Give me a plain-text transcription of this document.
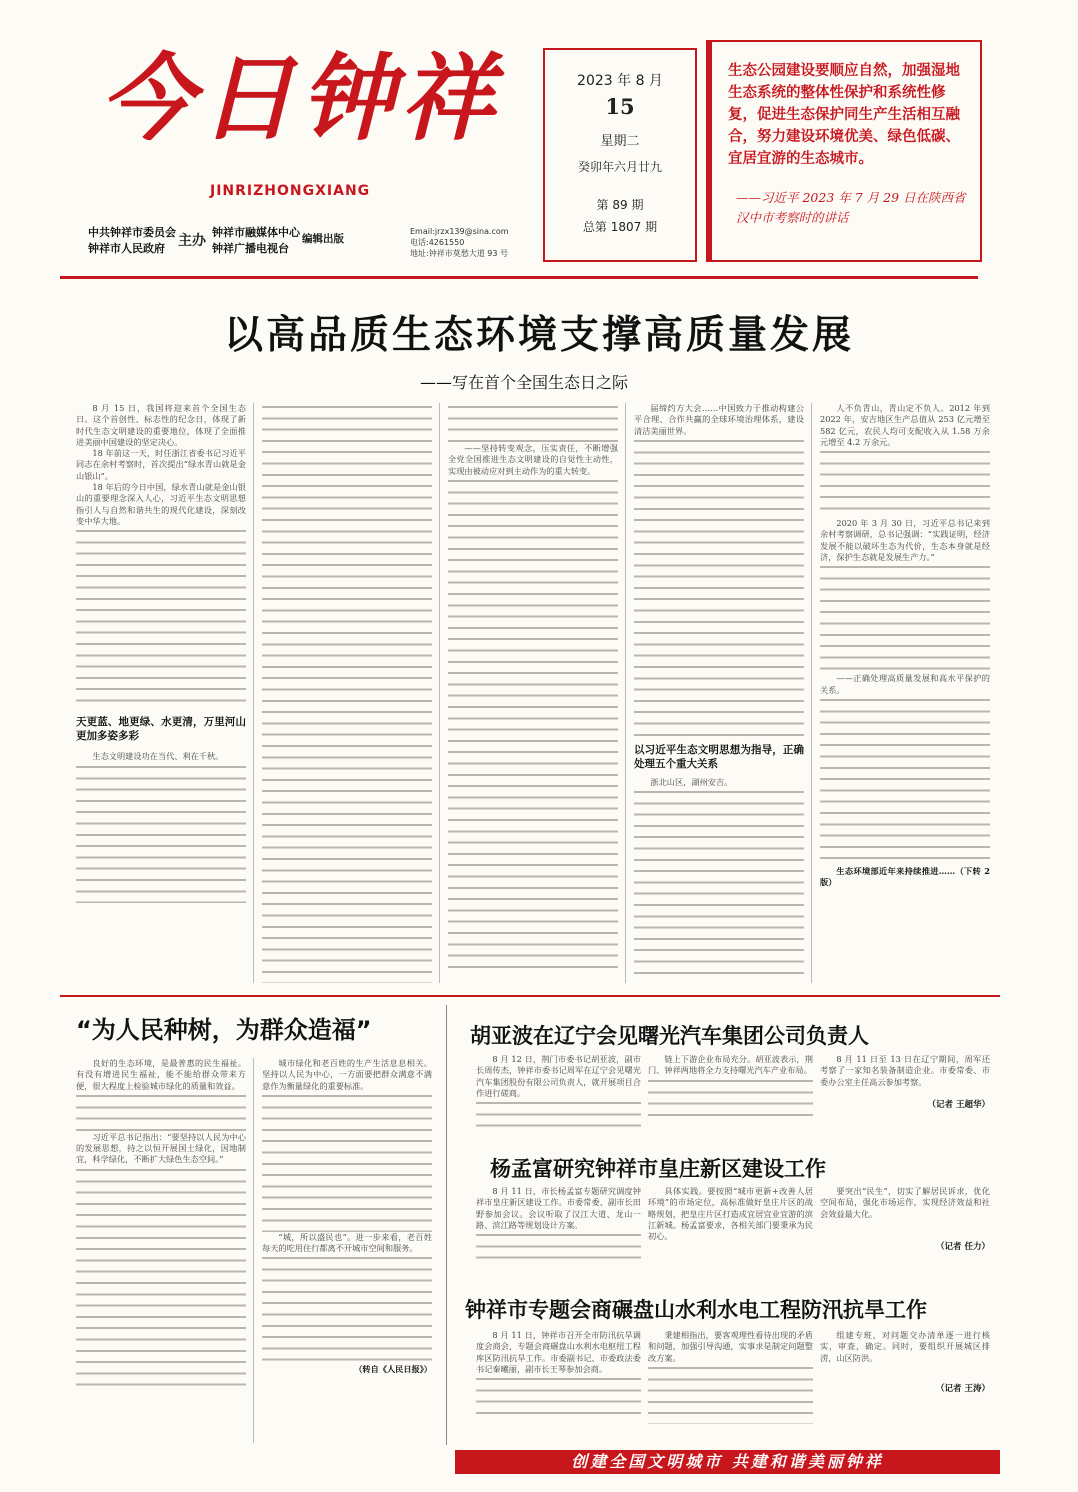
今日钟祥
JINRIZHONGXIANG
中共钟祥市委员会
钟祥市人民政府 主办
钟祥市融媒体中心
钟祥广播电视台
编辑出版
Email:jrzx139@sina.com
电话:4261550
地址:钟祥市莫愁大道 93 号
2023 年 8 月
15
星期二
癸卯年六月廿九
第 89 期
总第 1807 期
生态公园建设要顺应自然，加强湿地生态系统的整体性保护和系统性修复，促进生态保护同生产生活相互融合，努力建设环境优美、绿色低碳、宜居宜游的生态城市。
——习近平 2023 年 7 月 29 日在陕西省汉中市考察时的讲话
以高品质生态环境支撑高质量发展
——写在首个全国生态日之际

8 月 15 日，我国将迎来首个全国生态日。这个首创性、标志性的纪念日，体现了新时代生态文明建设的重要地位，体现了全面推进美丽中国建设的坚定决心。

18 年前这一天，时任浙江省委书记习近平同志在余村考察时，首次提出“绿水青山就是金山银山”。

18 年后的今日中国，绿水青山就是金山银山的重要理念深入人心，习近平生态文明思想指引人与自然和谐共生的现代化建设，深刻改变中华大地。

天更蓝、地更绿、水更清，万里河山更加多姿多彩

生态文明建设功在当代、利在千秋。

——坚持转变观念，压实责任，不断增强全党全国推进生态文明建设的自觉性主动性，实现由被动应对到主动作为的重大转变。

届缔约方大会……中国致力于推动构建公平合理、合作共赢的全球环境治理体系，建设清洁美丽世界。

以习近平生态文明思想为指导，正确处理五个重大关系

浙北山区，湖州安吉。

人不负青山，青山定不负人。2012 年到 2022 年，安吉地区生产总值从 253 亿元增至 582 亿元，农民人均可支配收入从 1.58 万余元增至 4.2 万余元。

2020 年 3 月 30 日，习近平总书记来到余村考察调研，总书记强调：“实践证明，经济发展不能以破坏生态为代价，生态本身就是经济，保护生态就是发展生产力。”

——正确处理高质量发展和高水平保护的关系。

生态环境部近年来持续推进……（下转 2 版）

“为人民种树，为群众造福”

良好的生态环境，是最普惠的民生福祉。有没有增进民生福祉，能不能给群众带来方便，很大程度上检验城市绿化的质量和效益。

习近平总书记指出：“要坚持以人民为中心的发展思想，持之以恒开展国土绿化，因地制宜，科学绿化，不断扩大绿色生态空间。”

城市绿化和老百姓的生产生活息息相关。坚持以人民为中心，一方面要把群众满意不满意作为衡量绿化的重要标准。

“城，所以盛民也”。进一步来看，老百姓每天的吃用住行都离不开城市空间和服务。

（转自《人民日报》）

胡亚波在辽宁会见曙光汽车集团公司负责人

8 月 12 日，荆门市委书记胡亚波，副市长周传杰，钟祥市委书记周军在辽宁会见曙光汽车集团股份有限公司负责人，就开展项目合作进行磋商。

链上下游企业布局充分。胡亚波表示，荆门、钟祥两地将全力支持曙光汽车产业布局。

8 月 11 日至 13 日在辽宁期间，周军还考察了一家知名装备制造企业。市委常委、市委办公室主任高云参加考察。

（记者 王超华）
杨孟富研究钟祥市皇庄新区建设工作

8 月 11 日，市长杨孟富专题研究调度钟祥市皇庄新区建设工作。市委常委、副市长田野参加会议。会议听取了汉江大道、龙山一路、滨江路等规划设计方案。

具体实践。要按照“城市更新+改善人居环境”的市场定位，高标准做好皇庄片区的战略规划，把皇庄片区打造成宜居宜业宜游的滨江新城。杨孟富要求，各相关部门要秉承为民初心。

要突出“民生”，切实了解居民诉求，优化空间布局，强化市场运作，实现经济效益和社会效益最大化。

（记者 任力）
钟祥市专题会商碾盘山水利水电工程防汛抗旱工作

8 月 11 日，钟祥市召开全市防汛抗旱调度会商会，专题会商碾盘山水利水电枢纽工程库区防汛抗旱工作。市委副书记、市委政法委书记秦曦丽，副市长王琴参加会商。

秉建相指出，要客观理性看待出现的矛盾和问题，加强引导沟通，实事求是制定问题整改方案。

组建专班，对问题交办清单逐一进行核实，审查，确定。同时，要组织开展城区排涝，山区防洪。

（记者 王涛）
创建全国文明城市 共建和谐美丽钟祥
